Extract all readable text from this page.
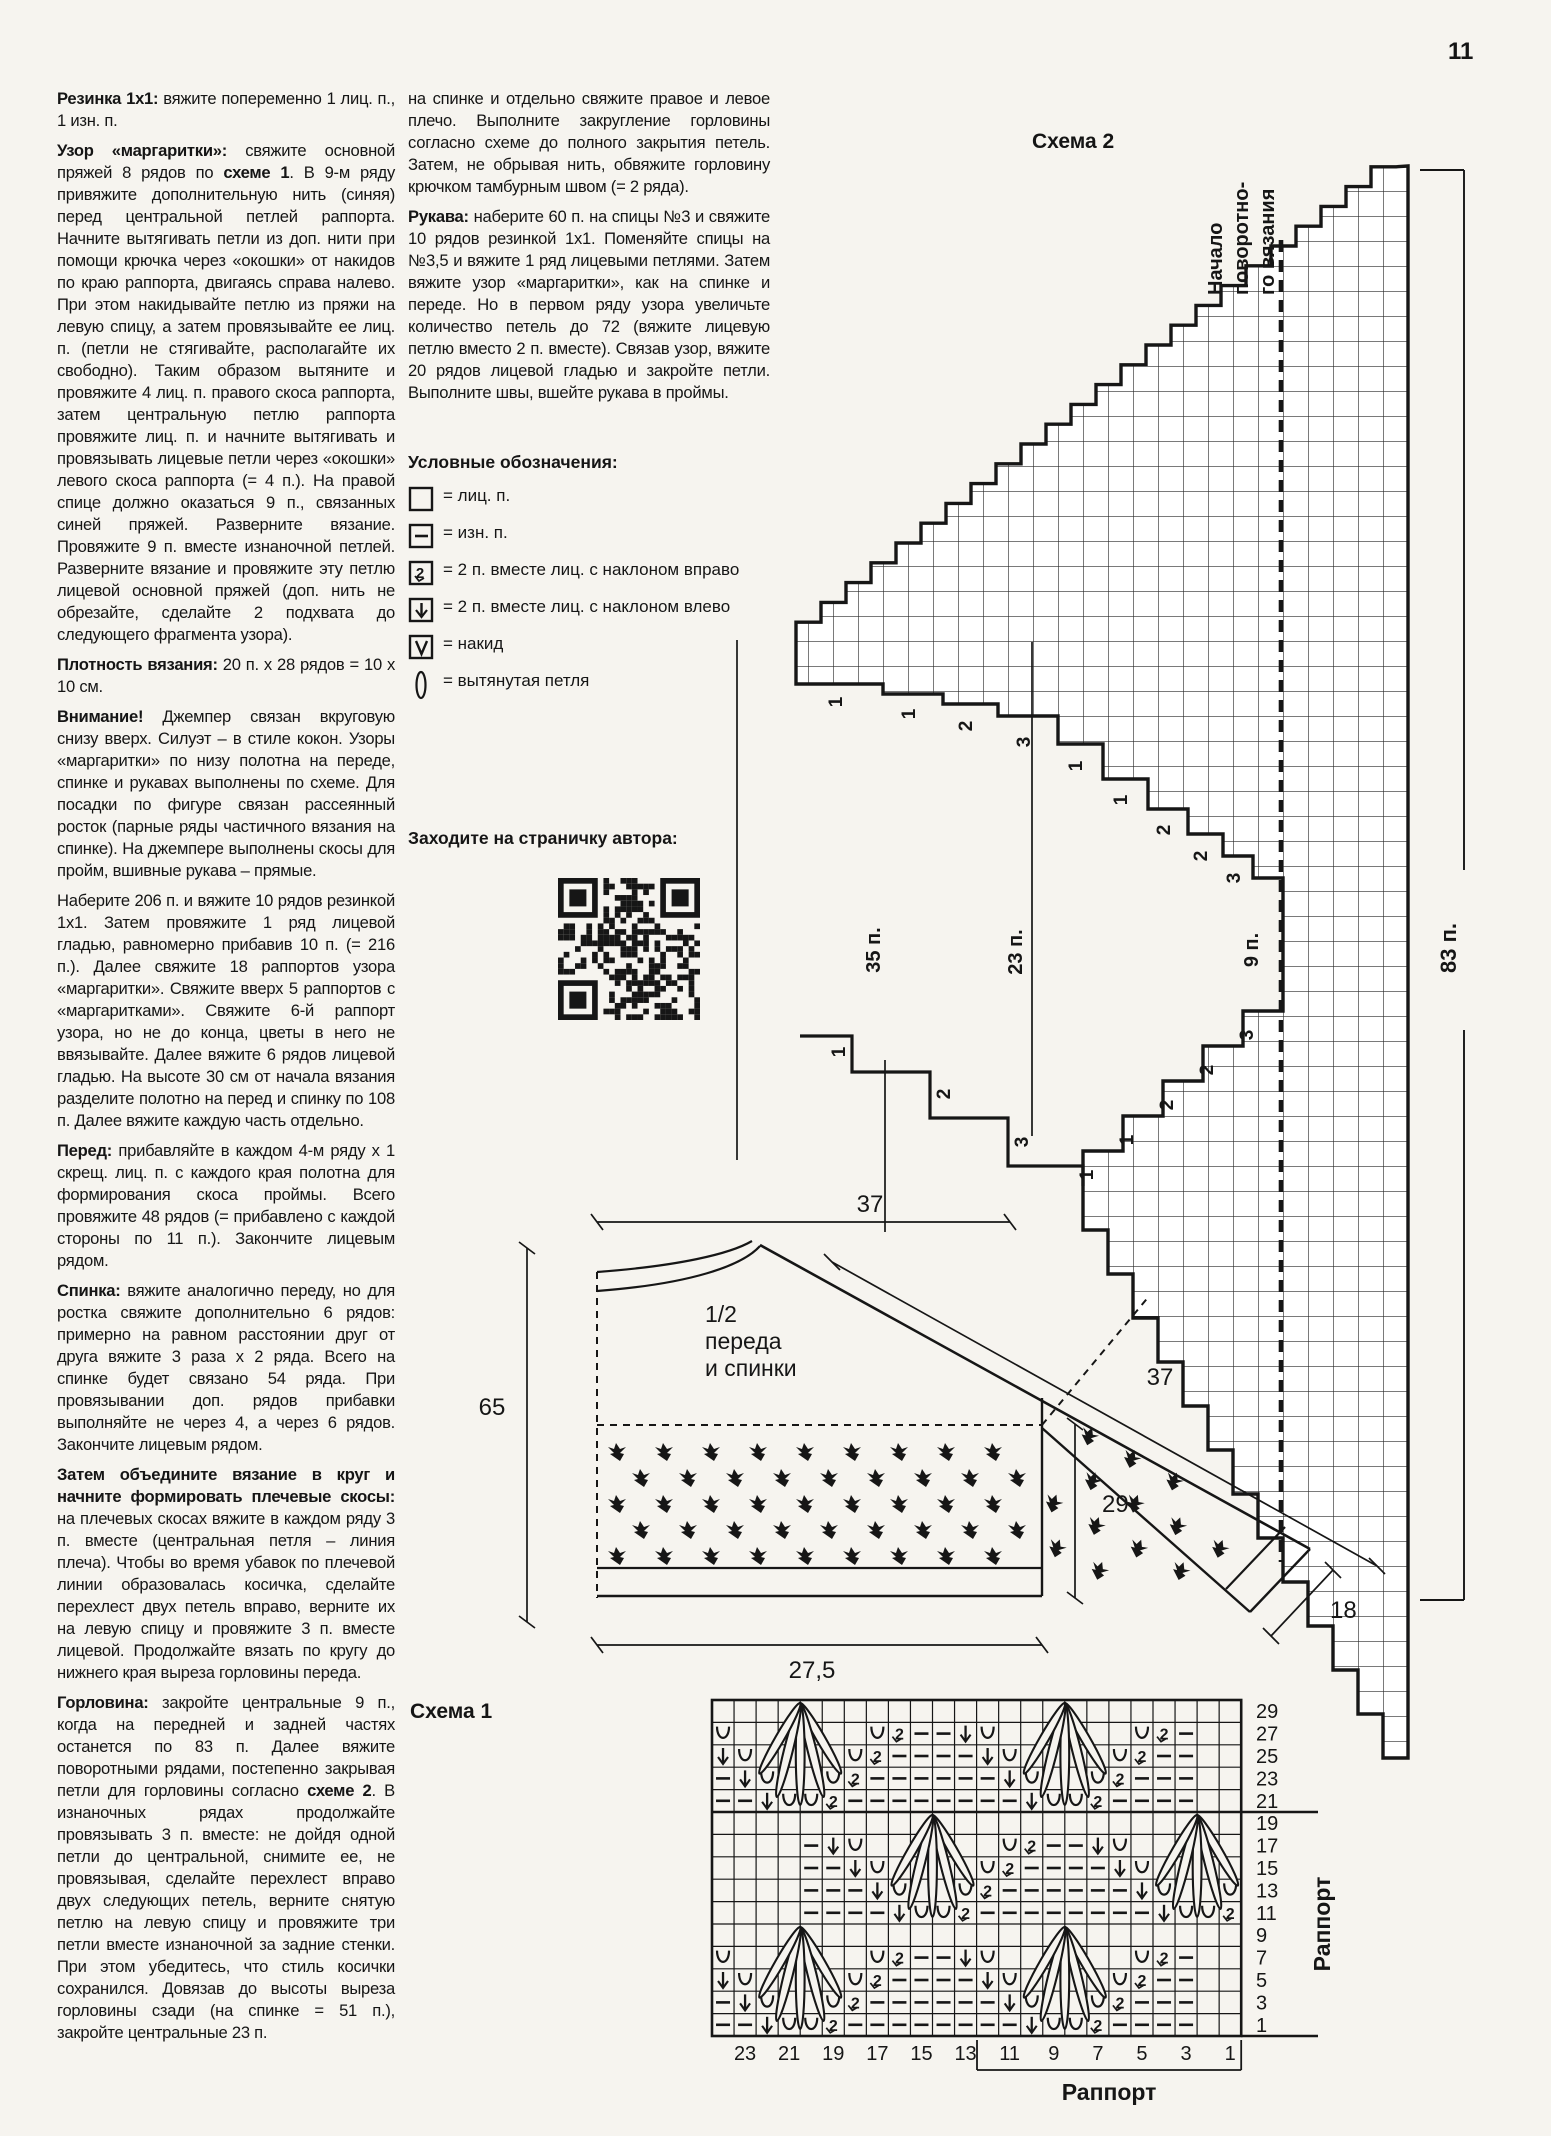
Резинка 1х1: вяжите попеременно 1 лиц. п., 1 изн. п.

Узор «маргаритки»: свяжите основной пряжей 8 рядов по схеме 1. В 9-м ряду привяжите дополнительную нить (синяя) перед центральной петлей раппорта. Начните вытягивать петли из доп. нити при помощи крючка через «окошки» от накидов по краю раппорта, двигаясь справа налево. При этом накидывайте петлю из пряжи на левую спицу, а затем провязывайте ее лиц. п. (петли не стягивайте, располагайте их свободно). Таким образом вытяните и провяжите 4 лиц. п. правого скоса раппорта, затем центральную петлю раппорта провяжите лиц. п. и начните вытягивать и провязывать лицевые петли через «окошки» левого скоса раппорта (= 4 п.). На правой спице должно оказаться 9 п., связанных синей пряжей. Разверните вязание. Провяжите 9 п. вместе изнаночной петлей. Разверните вязание и провяжите эту петлю лицевой основной пряжей (доп. нить не обрезайте, сделайте 2 подхвата до следующего фрагмента узора).

Плотность вязания: 20 п. х 28 рядов = 10 х 10 см.

Внимание! Джемпер связан вкруговую снизу вверх. Силуэт – в стиле кокон. Узоры «маргаритки» по низу полотна на переде, спинке и рукавах выполнены по схеме. Для посадки по фигуре связан рассеянный росток (парные ряды частичного вязания на спинке). На джемпере выполнены скосы для пройм, вшивные рукава – прямые.

Наберите 206 п. и вяжите 10 рядов резинкой 1х1. Затем провяжите 1 ряд лицевой гладью, равномерно прибавив 10 п. (= 216 п.). Далее свяжите 18 раппортов узора «маргаритки». Свяжите вверх 5 раппортов с «маргаритками». Свяжите 6-й раппорт узора, но не до конца, цветы в него не ввязывайте. Далее вяжите 6 рядов лицевой гладью. На высоте 30 см от начала вязания разделите полотно на перед и спинку по 108 п. Далее вяжите каждую часть отдельно.

Перед: прибавляйте в каждом 4-м ряду х 1 скрещ. лиц. п. с каждого края полотна для формирования скоса проймы. Всего провяжите 48 рядов (= прибавлено с каждой стороны по 11 п.). Закончите лицевым рядом.

Спинка: вяжите аналогично переду, но для ростка свяжите дополнительно 6 рядов: примерно на равном расстоянии друг от друга вяжите 3 раза х 2 ряда. Всего на спинке будет связано 54 ряда. При провязывании доп. рядов прибавки выполняйте не через 4, а через 6 рядов. Закончите лицевым рядом.

Затем объедините вязание в круг и начните формировать плечевые скосы: на плечевых скосах вяжите в каждом ряду 3 п. вместе (центральная петля – линия плеча). Чтобы во время убавок по плечевой линии образовалась косичка, сделайте перехлест двух петель вправо, верните их на левую спицу и провяжите 3 п. вместе лицевой. Продолжайте вязать по кругу до нижнего края выреза горловины переда.

Горловина: закройте центральные 9 п., когда на передней и задней частях останется по 83 п. Далее вяжите поворотными рядами, постепенно закрывая петли для горловины согласно схеме 2. В изнаночных рядах продолжайте провязывать 3 п. вместе: не дойдя одной петли до центральной, снимите ее, не провязывая, сделайте перехлест вправо двух следующих петель, верните снятую петлю на левую спицу и провяжите три петли вместе изнаночной за задние стенки. При этом убедитесь, что стиль косички сохранился. Довязав до высоты выреза горловины сзади (на спинке = 51 п.), закройте центральные 23 п.

на спинке и отдельно свяжите правое и левое плечо. Выполните закругление горловины согласно схеме до полного закрытия петель. Затем, не обрывая нить, обвяжите горловину крючком тамбурным швом (= 2 ряда).

Рукава: наберите 60 п. на спицы №3 и свяжите 10 рядов резинкой 1х1. Поменяйте спицы на №3,5 и вяжите 1 ряд лицевыми петлями. Затем вяжите узор «маргаритки», как на спинке и переде. Но в первом ряду узора увеличьте количество петель до 72 (вяжите лицевую петлю вместо 2 п. вместе). Связав узор, вяжите 20 рядов лицевой гладью и закройте петли. Выполните швы, вшейте рукава в проймы.

Условные обозначения:
= лиц. п.
= изн. п.
2 = 2 п. вместе лиц. с наклоном вправо
= 2 п. вместе лиц. с наклоном влево
= накид
= вытянутая петля
Заходите на страничку автора:
Схема 2
Схема 1
11
Начало поворотно- го вязания
35 п.	23 п.	9 п.	83 п.
1
1
2
3
1
1
2
2
3
1
1
2
2
3
1
2
3
37
65
27,5
29
37
18
1/2
переда
и спинки
2
2
2
2
2
2
2
2
2
2
2
2	2
2
2
2
2
2
2
2
2
29
27
25
23
21
19
17
15
13
11
9
7
5
3
1
23 21 19 17 15 13 11 9 7 5 3 1
Раппорт
Раппорт
